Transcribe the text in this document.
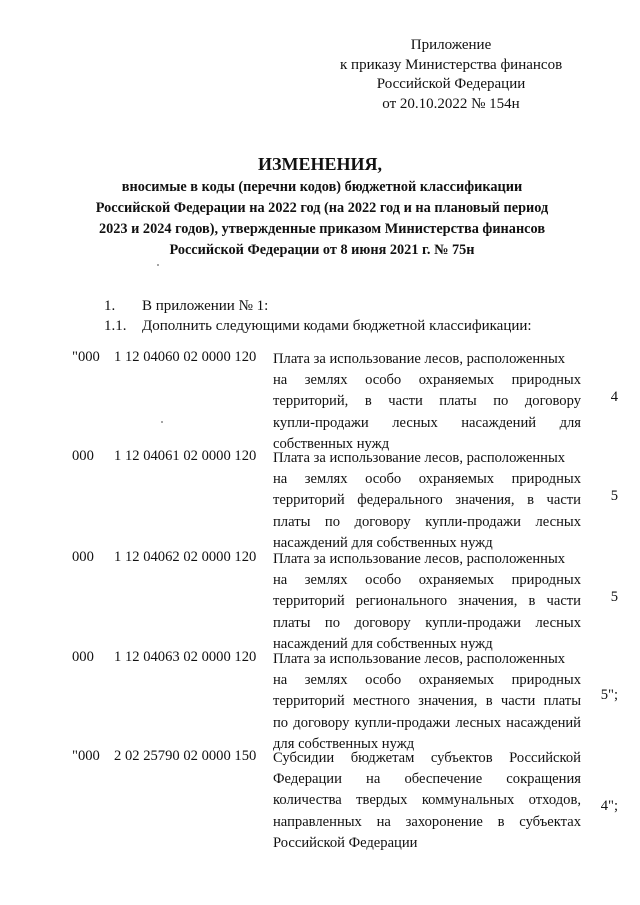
Приложение
к приказу Министерства финансов
Российской Федерации
от 20.10.2022 № 154н
ИЗМЕНЕНИЯ,
вносимые в коды (перечни кодов) бюджетной классификации
Российской Федерации на 2022 год (на 2022 год и на плановый период
2023 и 2024 годов), утвержденные приказом Министерства финансов
Российской Федерации от 8 июня 2021 г. № 75н
1. В приложении № 1:
1.1. Дополнить следующими кодами бюджетной классификации:
"000 1 12 04060 02 0000 120 Плата за использование лесов, расположенных
на землях особо охраняемых природных
территорий, в части платы по договору
купли-продажи лесных насаждений для
собственных нужд
4
000 1 12 04061 02 0000 120 Плата за использование лесов, расположенных
на землях особо охраняемых природных
территорий федерального значения, в части
платы по договору купли-продажи лесных
насаждений для собственных нужд
5
000 1 12 04062 02 0000 120 Плата за использование лесов, расположенных
на землях особо охраняемых природных
территорий регионального значения, в части
платы по договору купли-продажи лесных
насаждений для собственных нужд
5
000 1 12 04063 02 0000 120 Плата за использование лесов, расположенных
на землях особо охраняемых природных
территорий местного значения, в части платы
по договору купли-продажи лесных насаждений
для собственных нужд
5";
"000 2 02 25790 02 0000 150 Субсидии бюджетам субъектов Российской
Федерации на обеспечение сокращения
количества твердых коммунальных отходов,
направленных на захоронение в субъектах
Российской Федерации
4";
